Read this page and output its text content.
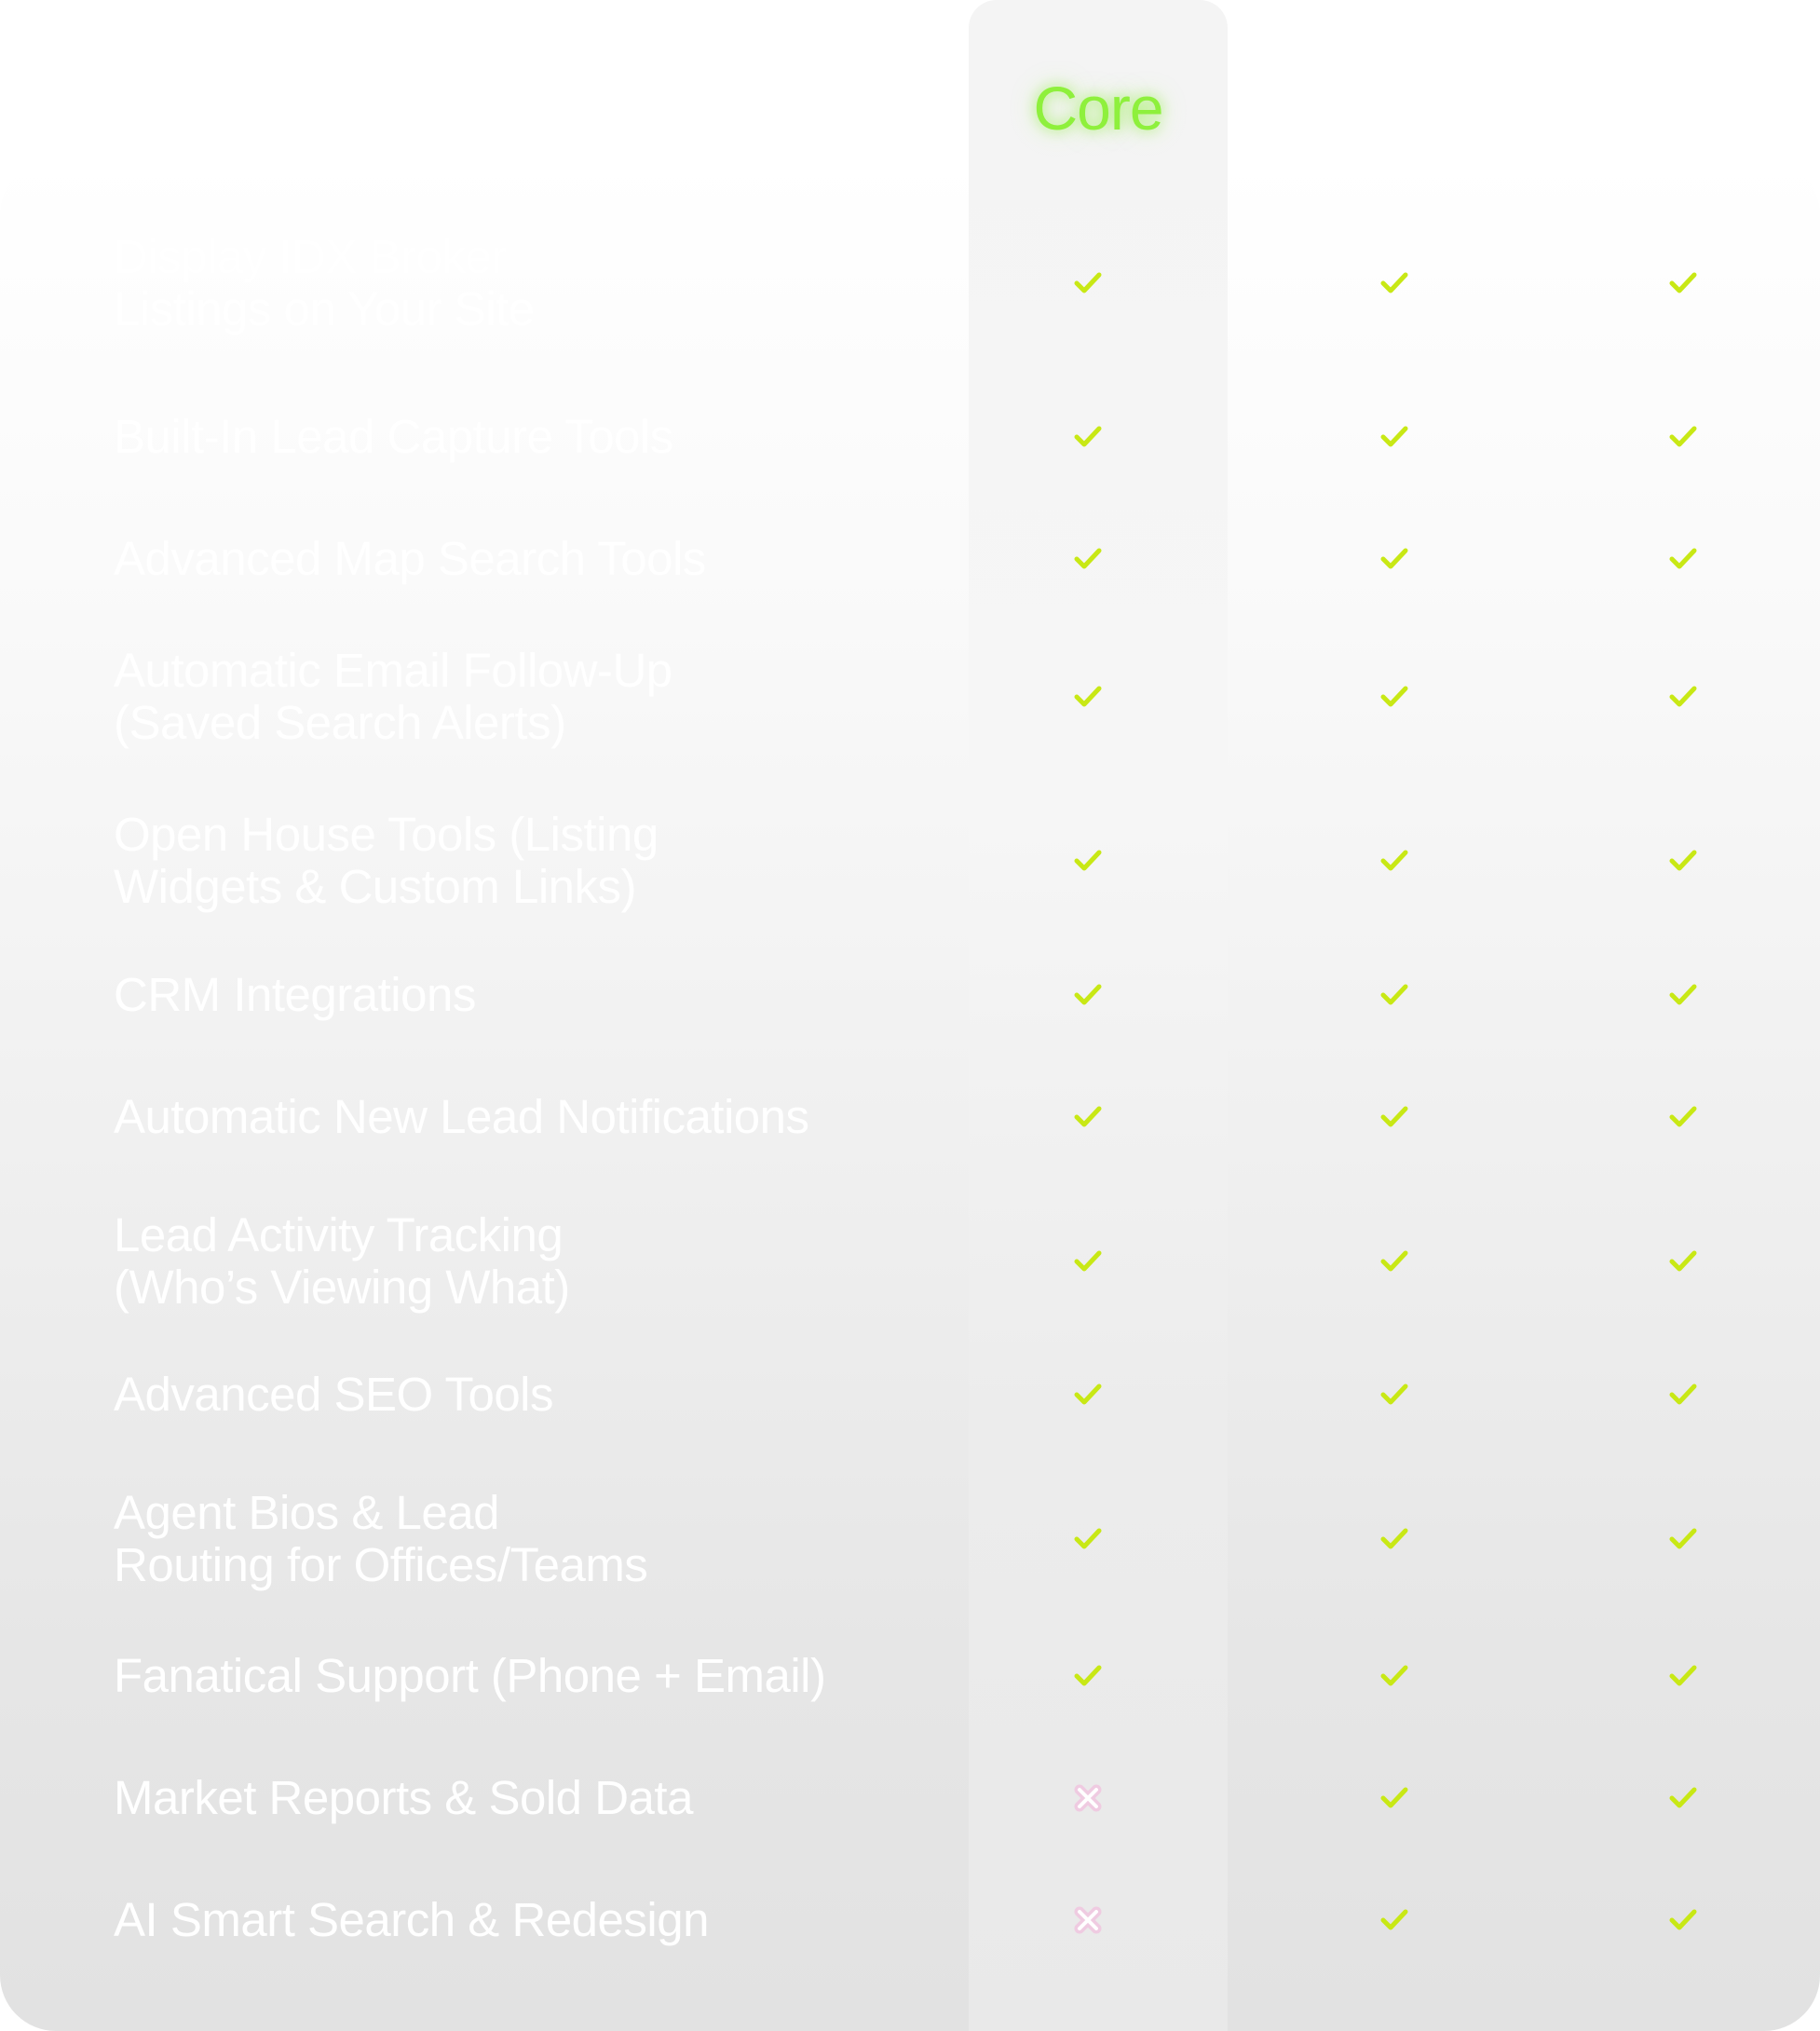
Core
Display IDX Broker
Listings on Your Site
Built-In Lead Capture Tools
Advanced Map Search Tools
Automatic Email Follow-Up
(Saved Search Alerts)
Open House Tools (Listing
Widgets & Custom Links)
CRM Integrations
Automatic New Lead Notifications
Lead Activity Tracking
(Who’s Viewing What)
Advanced SEO Tools
Agent Bios & Lead
Routing for Offices/Teams
Fanatical Support (Phone + Email)
Market Reports & Sold Data
AI Smart Search & Redesign
